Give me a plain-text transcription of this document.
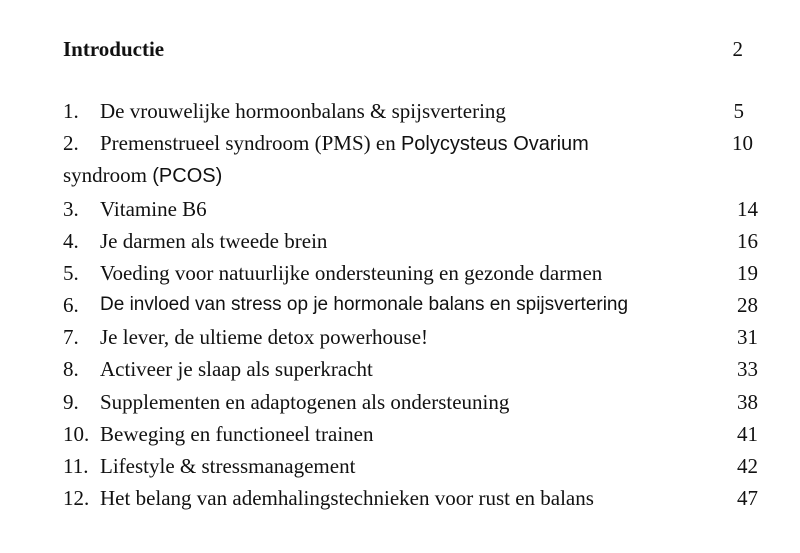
Introductie	2
1. De vrouwelijke hormoonbalans & spijsvertering	5
2. Premenstrueel syndroom (PMS) en Polycysteus Ovarium	10
syndroom (PCOS)
3. Vitamine B6	14
4. Je darmen als tweede brein	16
5. Voeding voor natuurlijke ondersteuning en gezonde darmen	19
6. De invloed van stress op je hormonale balans en spijsvertering	28
7. Je lever, de ultieme detox powerhouse!	31
8. Activeer je slaap als superkracht	33
9. Supplementen en adaptogenen als ondersteuning	38
10. Beweging en functioneel trainen	41
11. Lifestyle & stressmanagement	42
12. Het belang van ademhalingstechnieken voor rust en balans	47
